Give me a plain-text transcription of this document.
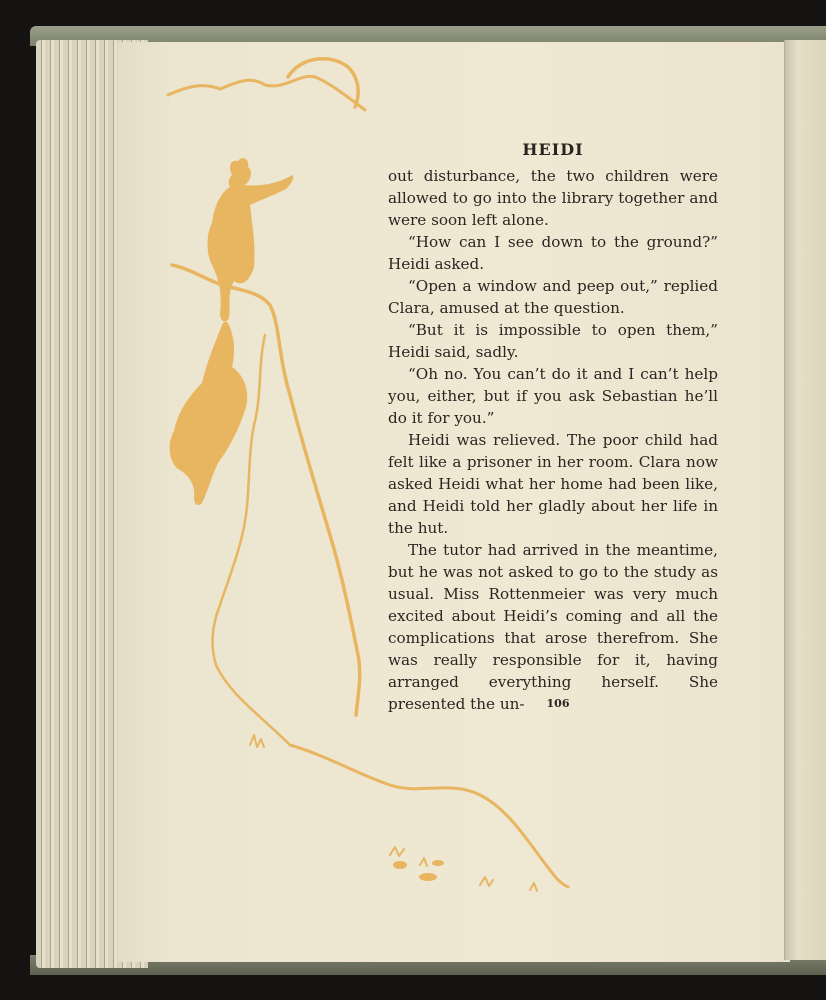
HEIDI

out disturbance, the two children were allowed to go into the library together and were soon left alone.

“How can I see down to the ground?” Heidi asked.

“Open a window and peep out,” replied Clara, amused at the question.

“But it is impossible to open them,” Heidi said, sadly.

“Oh no. You can’t do it and I can’t help you, either, but if you ask Sebastian he’ll do it for you.”

Heidi was relieved. The poor child had felt like a prisoner in her room. Clara now asked Heidi what her home had been like, and Heidi told her gladly about her life in the hut.

The tutor had arrived in the meantime, but he was not asked to go to the study as usual. Miss Rottenmeier was very much excited about Heidi’s coming and all the complications that arose therefrom. She was really responsible for it, having arranged everything herself. She presented the un-	106
